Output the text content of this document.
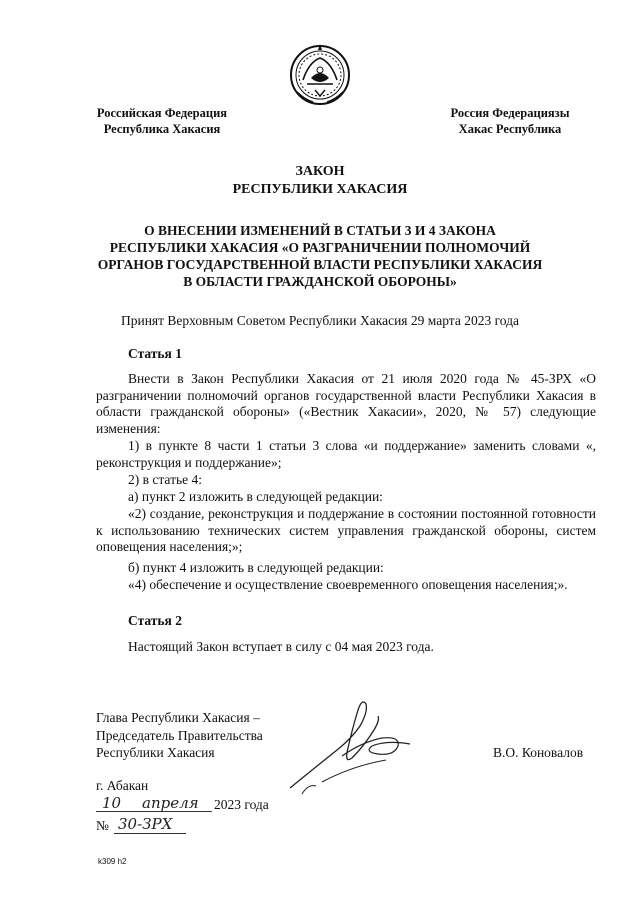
Российская Федерация
Республика Хакасия
Россия Федерациязы
Хакас Республика
ЗАКОН
РЕСПУБЛИКИ ХАКАСИЯ
О ВНЕСЕНИИ ИЗМЕНЕНИЙ В СТАТЬИ 3 И 4 ЗАКОНА
РЕСПУБЛИКИ ХАКАСИЯ «О РАЗГРАНИЧЕНИИ ПОЛНОМОЧИЙ
ОРГАНОВ ГОСУДАРСТВЕННОЙ ВЛАСТИ РЕСПУБЛИКИ ХАКАСИЯ
В ОБЛАСТИ ГРАЖДАНСКОЙ ОБОРОНЫ»
Принят Верховным Советом Республики Хакасия 29 марта 2023 года
Статья 1
Внести в Закон Республики Хакасия от 21 июля 2020 года № 45-ЗРХ «О разграничении полномочий органов государственной власти Республики Хакасия в области гражданской обороны» («Вестник Хакасии», 2020, № 57) следующие изменения:
1) в пункте 8 части 1 статьи 3 слова «и поддержание» заменить словами «, реконструкция и поддержание»;
2) в статье 4:
а) пункт 2 изложить в следующей редакции:
«2) создание, реконструкция и поддержание в состоянии постоянной готовности к использованию технических систем управления гражданской обороны, систем оповещения населения;»;
б) пункт 4 изложить в следующей редакции:
«4) обеспечение и осуществление своевременного оповещения населения;».
Статья 2
Настоящий Закон вступает в силу с 04 мая 2023 года.
Глава Республики Хакасия –
Председатель Правительства
Республики Хакасия	В.О. Коновалов
г. Абакан
10 апреля 2023 года
№ 30-ЗРХ
k309 h2
